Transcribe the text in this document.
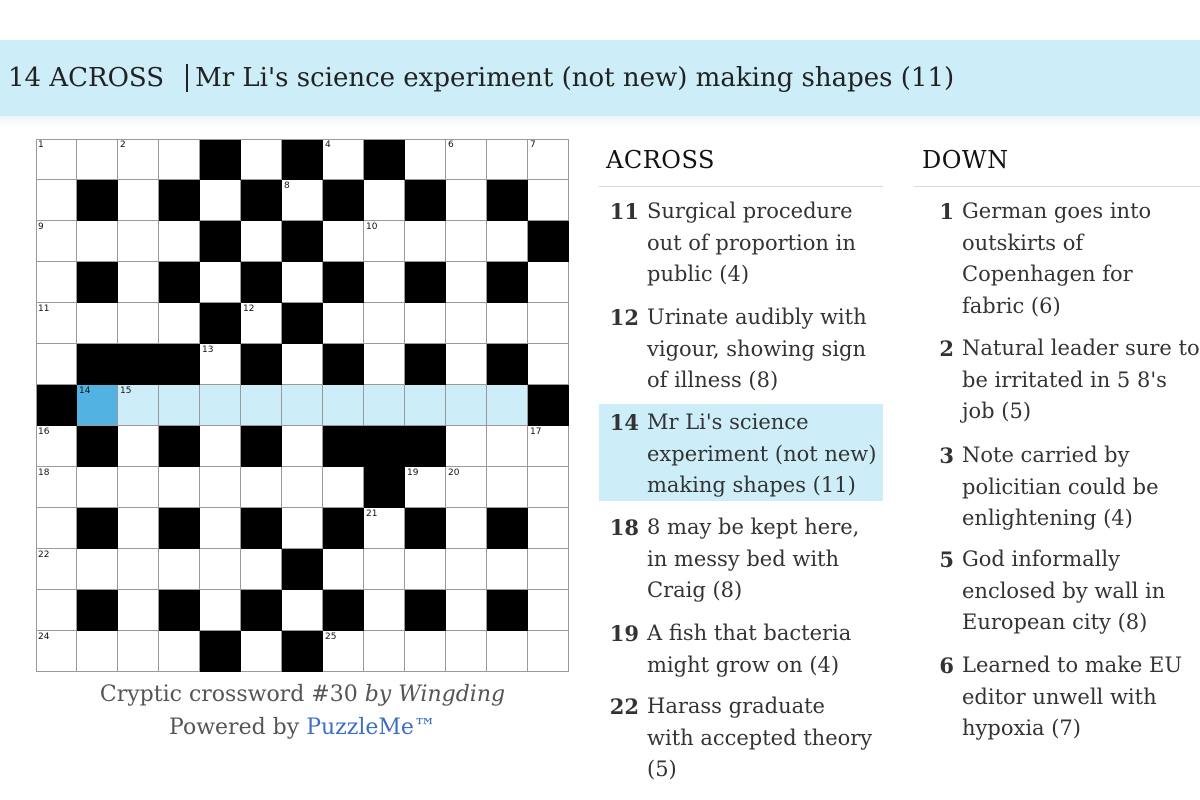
14 ACROSS Mr Li's science experiment (not new) making shapes (11)
1	2	4	6	7
8
9	10
11	12
13
14	15
16	17
18	19	20
21
22
24	25
Cryptic crossword #30 by Wingding
Powered by PuzzleMe™
ACROSS	DOWN
11 Surgical procedure out of proportion in public (4)
12 Urinate audibly with vigour, showing sign of illness (8)
14 Mr Li's science experiment (not new) making shapes (11)
18 8 may be kept here, in messy bed with Craig (8)
19 A fish that bacteria might grow on (4)
22 Harass graduate with accepted theory (5)
1 German goes into outskirts of Copenhagen for fabric (6)
2 Natural leader sure to be irritated in 5 8's job (5)
3 Note carried by policitian could be enlightening (4)
5 God informally enclosed by wall in European city (8)
6 Learned to make EU editor unwell with hypoxia (7)
